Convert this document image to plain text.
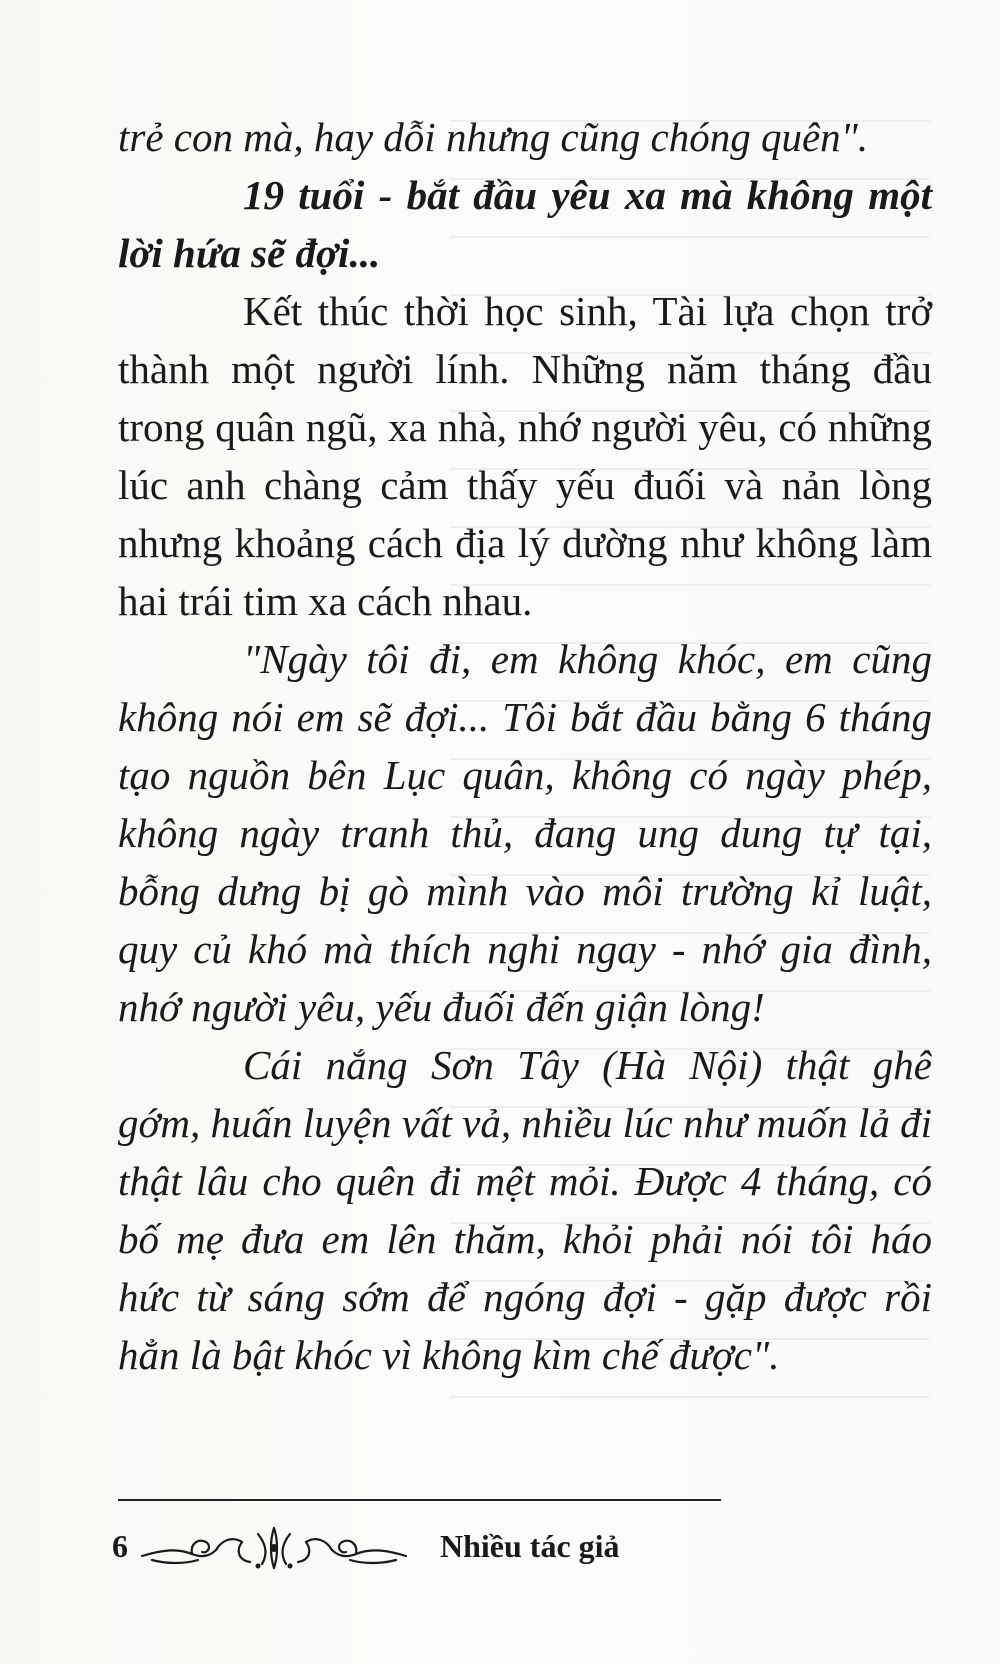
trẻ con mà, hay dỗi nhưng cũng chóng quên".

19 tuổi - bắt đầu yêu xa mà không một lời hứa sẽ đợi...

Kết thúc thời học sinh, Tài lựa chọn trở thành một người lính. Những năm tháng đầu trong quân ngũ, xa nhà, nhớ người yêu, có những lúc anh chàng cảm thấy yếu đuối và nản lòng nhưng khoảng cách địa lý dường như không làm hai trái tim xa cách nhau.

"Ngày tôi đi, em không khóc, em cũng không nói em sẽ đợi... Tôi bắt đầu bằng 6 tháng tạo nguồn bên Lục quân, không có ngày phép, không ngày tranh thủ, đang ung dung tự tại, bỗng dưng bị gò mình vào môi trường kỉ luật, quy củ khó mà thích nghi ngay - nhớ gia đình, nhớ người yêu, yếu đuối đến giận lòng!

Cái nắng Sơn Tây (Hà Nội) thật ghê gớm, huấn luyện vất vả, nhiều lúc như muốn lả đi thật lâu cho quên đi mệt mỏi. Được 4 tháng, có bố mẹ đưa em lên thăm, khỏi phải nói tôi háo hức từ sáng sớm để ngóng đợi - gặp được rồi hẳn là bật khóc vì không kìm chế được".

6	Nhiều tác giả
